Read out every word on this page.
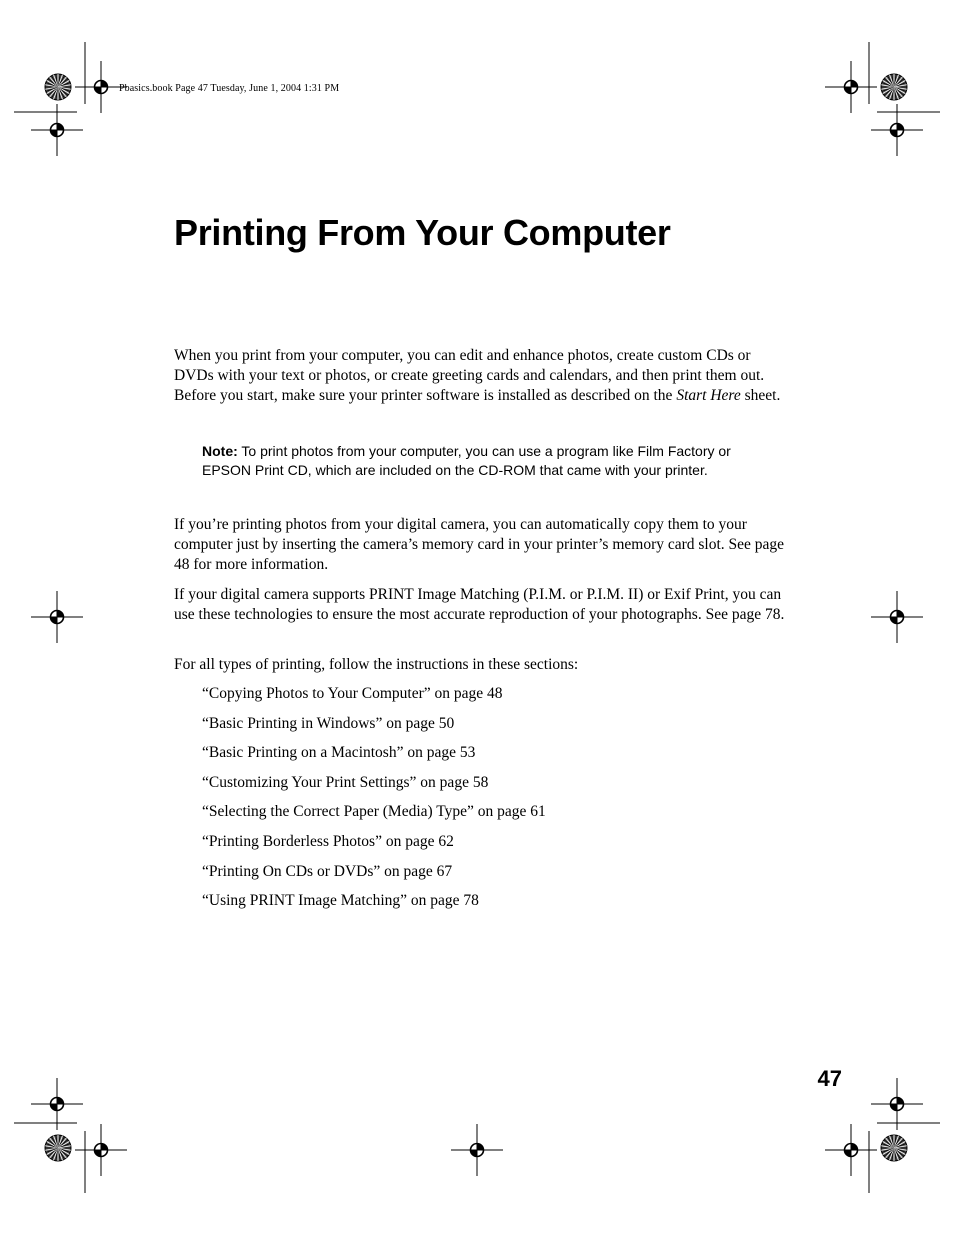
Pbasics.book Page 47 Tuesday, June 1, 2004 1:31 PM
Printing From Your Computer

When you print from your computer, you can edit and enhance photos, create custom CDs or DVDs with your text or photos, or create greeting cards and calendars, and then print them out. Before you start, make sure your printer software is installed as described on the Start Here sheet.

Note: To print photos from your computer, you can use a program like Film Factory or EPSON Print CD, which are included on the CD-ROM that came with your printer.

If you’re printing photos from your digital camera, you can automatically copy them to your computer just by inserting the camera’s memory card in your printer’s memory card slot. See page 48 for more information.

If your digital camera supports PRINT Image Matching (P.I.M. or P.I.M. II) or Exif Print, you can use these technologies to ensure the most accurate reproduction of your photographs. See page 78.

For all types of printing, follow the instructions in these sections:

“Copying Photos to Your Computer” on page 48
“Basic Printing in Windows” on page 50
“Basic Printing on a Macintosh” on page 53
“Customizing Your Print Settings” on page 58
“Selecting the Correct Paper (Media) Type” on page 61
“Printing Borderless Photos” on page 62
“Printing On CDs or DVDs” on page 67
“Using PRINT Image Matching” on page 78
47
